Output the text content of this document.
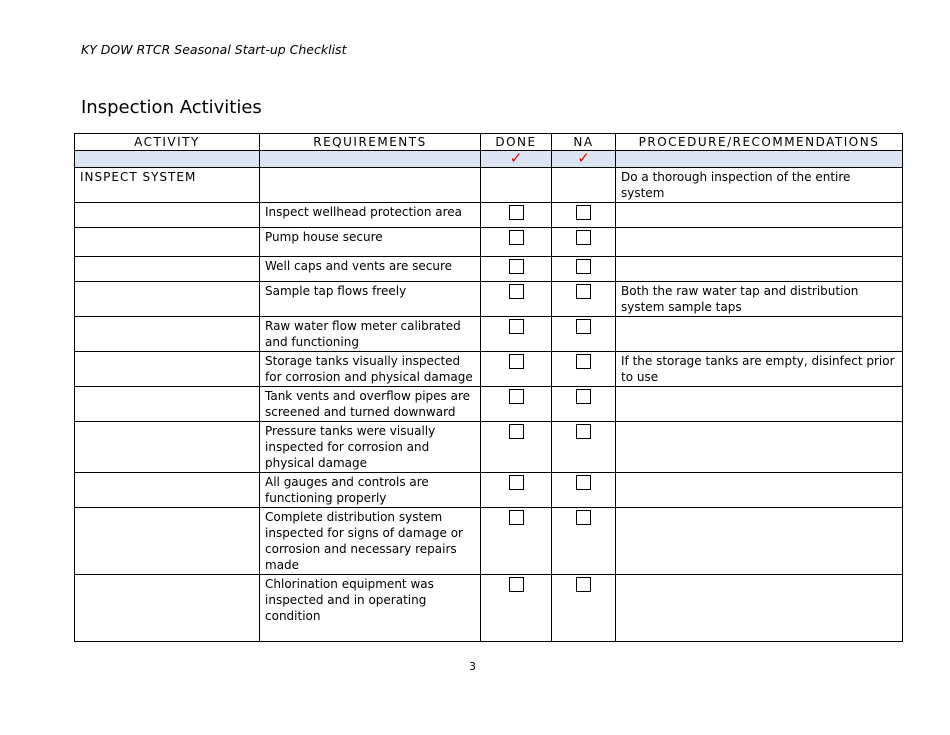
KY DOW RTCR Seasonal Start-up Checklist
Inspection Activities
ACTIVITY	REQUIREMENTS	DONE	NA	PROCEDURE/RECOMMENDATIONS
		✓	✓	
INSPECT SYSTEM				Do a thorough inspection of the entire system
	Inspect wellhead protection area			
	Pump house secure			
	Well caps and vents are secure			
	Sample tap flows freely			Both the raw water tap and distribution system sample taps
	Raw water flow meter calibrated and functioning			
	Storage tanks visually inspected for corrosion and physical damage			If the storage tanks are empty, disinfect prior to use
	Tank vents and overflow pipes are screened and turned downward			
	Pressure tanks were visually inspected for corrosion and physical damage			
	All gauges and controls are functioning properly			
	Complete distribution system inspected for signs of damage or corrosion and necessary repairs made			
	Chlorination equipment was inspected and in operating condition			
3
